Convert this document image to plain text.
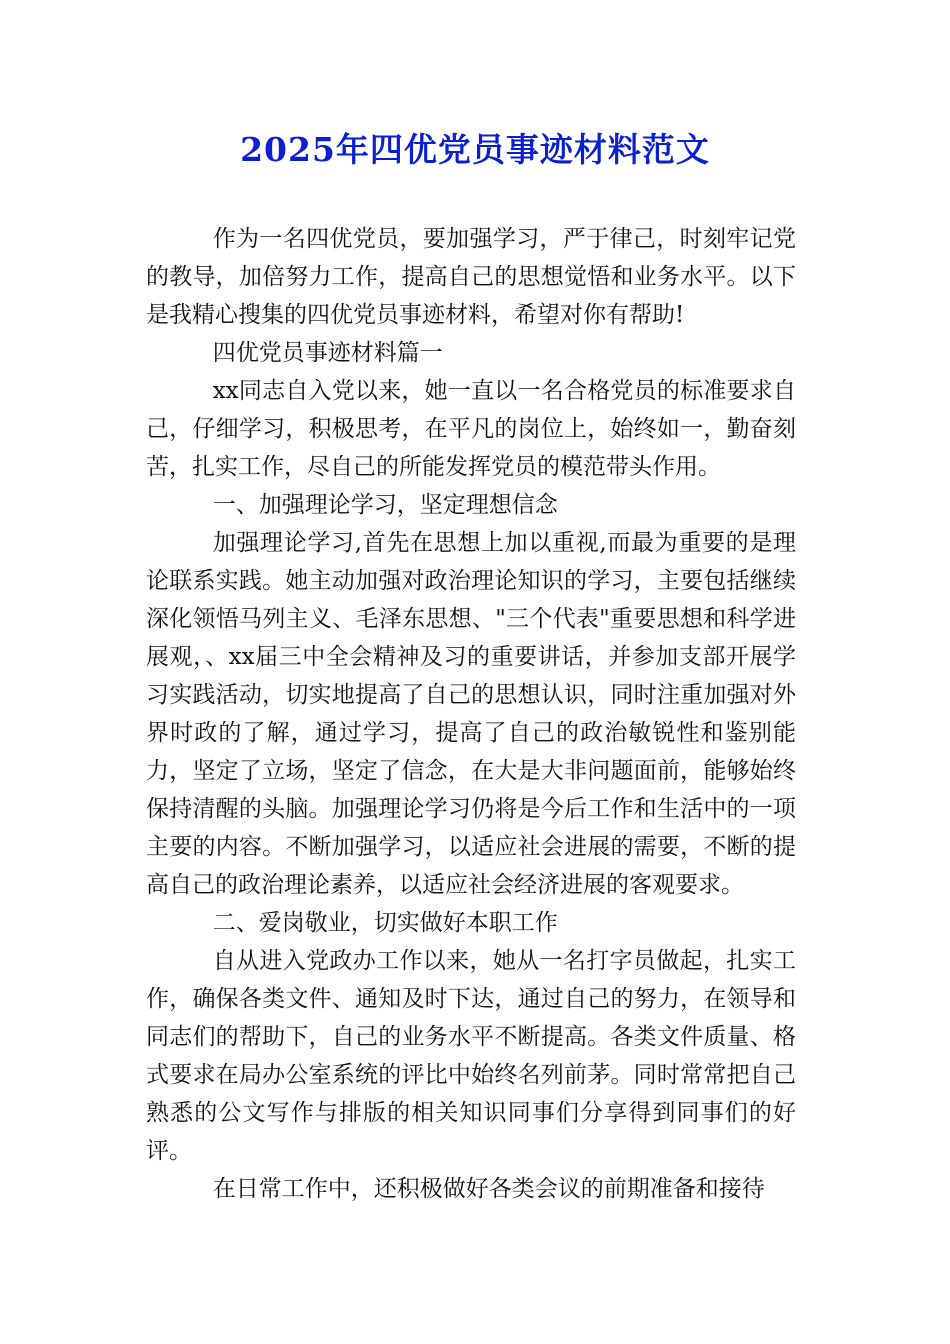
2025年四优党员事迹材料范文

作为一名四优党员，要加强学习，严于律己，时刻牢记党的教导，加倍努力工作，提高自己的思想觉悟和业务水平。以下是我精心搜集的四优党员事迹材料，希望对你有帮助!

四优党员事迹材料篇一

xx同志自入党以来，她一直以一名合格党员的标准要求自己，仔细学习，积极思考，在平凡的岗位上，始终如一，勤奋刻苦，扎实工作，尽自己的所能发挥党员的模范带头作用。

一、加强理论学习，坚定理想信念

加强理论学习,首先在思想上加以重视,而最为重要的是理论联系实践。她主动加强对政治理论知识的学习，主要包括继续深化领悟马列主义、毛泽东思想、"三个代表"重要思想和科学进展观，、xx届三中全会精神及习的重要讲话，并参加支部开展学习实践活动，切实地提高了自己的思想认识，同时注重加强对外界时政的了解，通过学习，提高了自己的政治敏锐性和鉴别能力，坚定了立场，坚定了信念，在大是大非问题面前，能够始终保持清醒的头脑。加强理论学习仍将是今后工作和生活中的一项主要的内容。不断加强学习，以适应社会进展的需要，不断的提高自己的政治理论素养，以适应社会经济进展的客观要求。

二、爱岗敬业，切实做好本职工作

自从进入党政办工作以来，她从一名打字员做起，扎实工作，确保各类文件、通知及时下达，通过自己的努力，在领导和同志们的帮助下，自己的业务水平不断提高。各类文件质量、格式要求在局办公室系统的评比中始终名列前茅。同时常常把自己熟悉的公文写作与排版的相关知识同事们分享得到同事们的好评。

在日常工作中，还积极做好各类会议的前期准备和接待
